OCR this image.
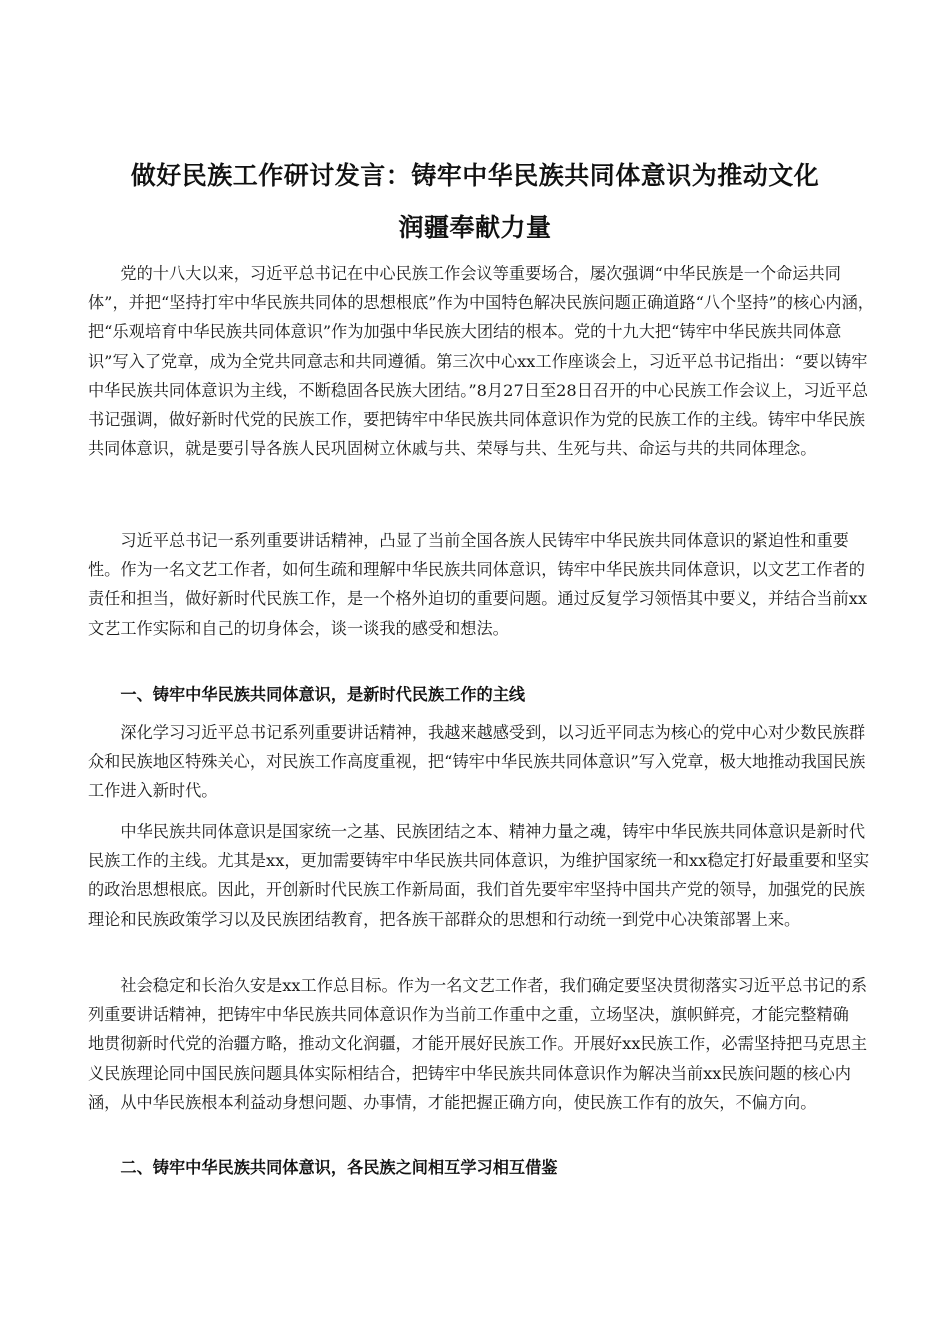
做好民族工作研讨发言：铸牢中华民族共同体意识为推动文化
润疆奉献力量

党的十八大以来，习近平总书记在中心民族工作会议等重要场合，屡次强调“中华民族是一个命运共同体”，并把“坚持打牢中华民族共同体的思想根底”作为中国特色解决民族问题正确道路“八个坚持”的核心内涵，把“乐观培育中华民族共同体意识”作为加强中华民族大团结的根本。党的十九大把“铸牢中华民族共同体意识”写入了党章，成为全党共同意志和共同遵循。第三次中心xx工作座谈会上，习近平总书记指出：“要以铸牢中华民族共同体意识为主线，不断稳固各民族大团结。”8月27日至28日召开的中心民族工作会议上，习近平总书记强调，做好新时代党的民族工作，要把铸牢中华民族共同体意识作为党的民族工作的主线。铸牢中华民族共同体意识，就是要引导各族人民巩固树立休戚与共、荣辱与共、生死与共、命运与共的共同体理念。

习近平总书记一系列重要讲话精神，凸显了当前全国各族人民铸牢中华民族共同体意识的紧迫性和重要性。作为一名文艺工作者，如何生疏和理解中华民族共同体意识，铸牢中华民族共同体意识，以文艺工作者的责任和担当，做好新时代民族工作，是一个格外迫切的重要问题。通过反复学习领悟其中要义，并结合当前xx文艺工作实际和自己的切身体会，谈一谈我的感受和想法。

一、铸牢中华民族共同体意识，是新时代民族工作的主线

深化学习习近平总书记系列重要讲话精神，我越来越感受到，以习近平同志为核心的党中心对少数民族群众和民族地区特殊关心，对民族工作高度重视，把“铸牢中华民族共同体意识”写入党章，极大地推动我国民族工作进入新时代。

中华民族共同体意识是国家统一之基、民族团结之本、精神力量之魂，铸牢中华民族共同体意识是新时代民族工作的主线。尤其是xx，更加需要铸牢中华民族共同体意识，为维护国家统一和xx稳定打好最重要和坚实的政治思想根底。因此，开创新时代民族工作新局面，我们首先要牢牢坚持中国共产党的领导，加强党的民族理论和民族政策学习以及民族团结教育，把各族干部群众的思想和行动统一到党中心决策部署上来。

社会稳定和长治久安是xx工作总目标。作为一名文艺工作者，我们确定要坚决贯彻落实习近平总书记的系列重要讲话精神，把铸牢中华民族共同体意识作为当前工作重中之重，立场坚决，旗帜鲜亮，才能完整精确　　地贯彻新时代党的治疆方略，推动文化润疆，才能开展好民族工作。开展好xx民族工作，必需坚持把马克思主义民族理论同中国民族问题具体实际相结合，把铸牢中华民族共同体意识作为解决当前xx民族问题的核心内涵，从中华民族根本利益动身想问题、办事情，才能把握正确方向，使民族工作有的放矢，不偏方向。

二、铸牢中华民族共同体意识，各民族之间相互学习相互借鉴
